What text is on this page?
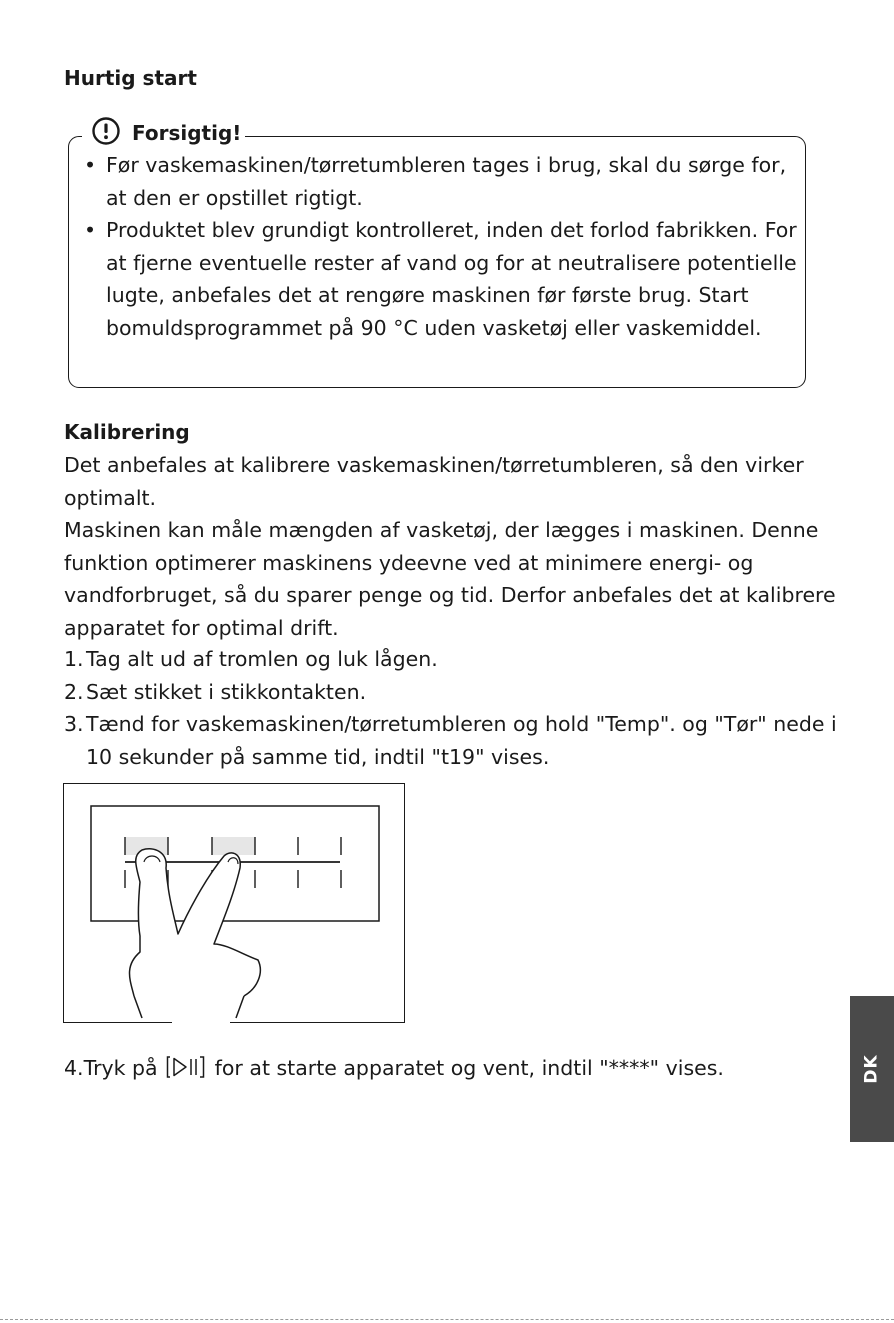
Hurtig start
Forsigtig!
• Før vaskemaskinen/tørretumbleren tages i brug, skal du sørge for, at den er opstillet rigtigt.
• Produktet blev grundigt kontrolleret, inden det forlod fabrikken. For at fjerne eventuelle rester af vand og for at neutralisere potentielle lugte, anbefales det at rengøre maskinen før første brug. Start bomuldsprogrammet på 90 °C uden vasketøj eller vaskemiddel.
Kalibrering

Det anbefales at kalibrere vaskemaskinen/tørretumbleren, så den virker optimalt.

Maskinen kan måle mængden af vasketøj, der lægges i maskinen. Denne funktion optimerer maskinens ydeevne ved at minimere energi- og vandforbruget, så du sparer penge og tid. Derfor anbefales det at kalibrere apparatet for optimal drift.

1. Tag alt ud af tromlen og luk lågen.
2. Sæt stikket i stikkontakten.
3. Tænd for vaskemaskinen/tørretumbleren og hold "Temp". og "Tør" nede i 10 sekunder på samme tid, indtil "t19" vises.

4.Tryk på	for at starte apparatet og vent, indtil "****" vises.	DK
